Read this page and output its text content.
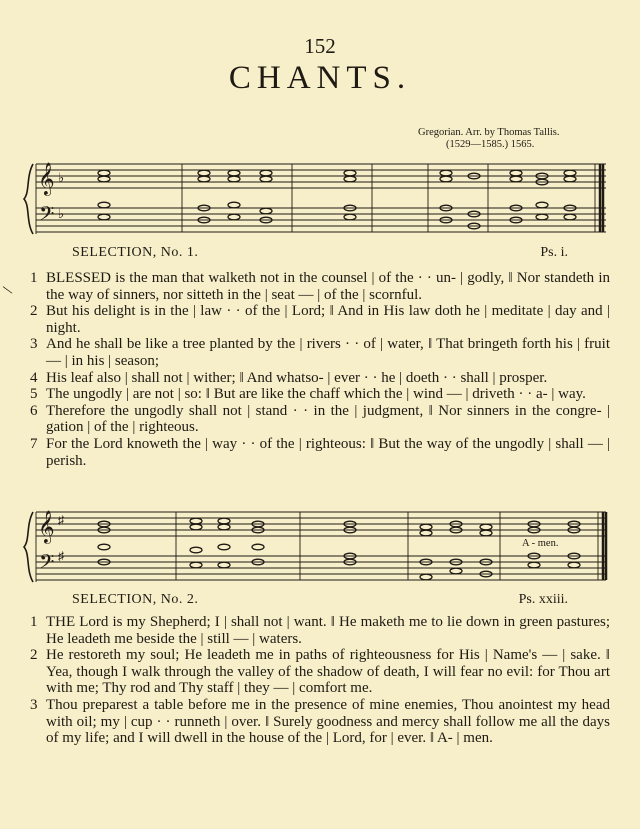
152
CHANTS.
Gregorian. Arr. by Thomas Tallis.
(1529—1585.) 1565.
\
𝄞
𝄢
♭
♭
SELECTION, No. 1.	Ps. i.
1 BLESSED is the man that walketh not in the counsel | of the · · un- | godly, ‖ Nor standeth in the way of sinners, nor sitteth in the | seat — | of the | scornful.
2 But his delight is in the | law · · of the | Lord; ‖ And in His law doth he | meditate | day and | night.
3 And he shall be like a tree planted by the | rivers · · of | water, ‖ That bringeth forth his | fruit — | in his | season;
4 His leaf also | shall not | wither; ‖ And whatso- | ever · · he | doeth · · shall | prosper.
5 The ungodly | are not | so: ‖ But are like the chaff which the | wind — | driveth · · a- | way.
6 Therefore the ungodly shall not | stand · · in the | judgment, ‖ Nor sinners in the congre- | gation | of the | righteous.
7 For the Lord knoweth the | way · · of the | righteous: ‖ But the way of the ungodly | shall — | perish.
𝄞
𝄢
♯
♯
A - men.
SELECTION, No. 2.	Ps. xxiii.
1 THE Lord is my Shepherd; I | shall not | want. ‖ He maketh me to lie down in green pastures; He leadeth me beside the | still — | waters.
2 He restoreth my soul; He leadeth me in paths of righteousness for His | Name's — | sake. ‖ Yea, though I walk through the valley of the shadow of death, I will fear no evil: for Thou art with me; Thy rod and Thy staff | they — | comfort me.
3 Thou preparest a table before me in the presence of mine enemies, Thou anointest my head with oil; my | cup · · runneth | over. ‖ Surely goodness and mercy shall follow me all the days of my life; and I will dwell in the house of the | Lord, for | ever. ‖ A- | men.
